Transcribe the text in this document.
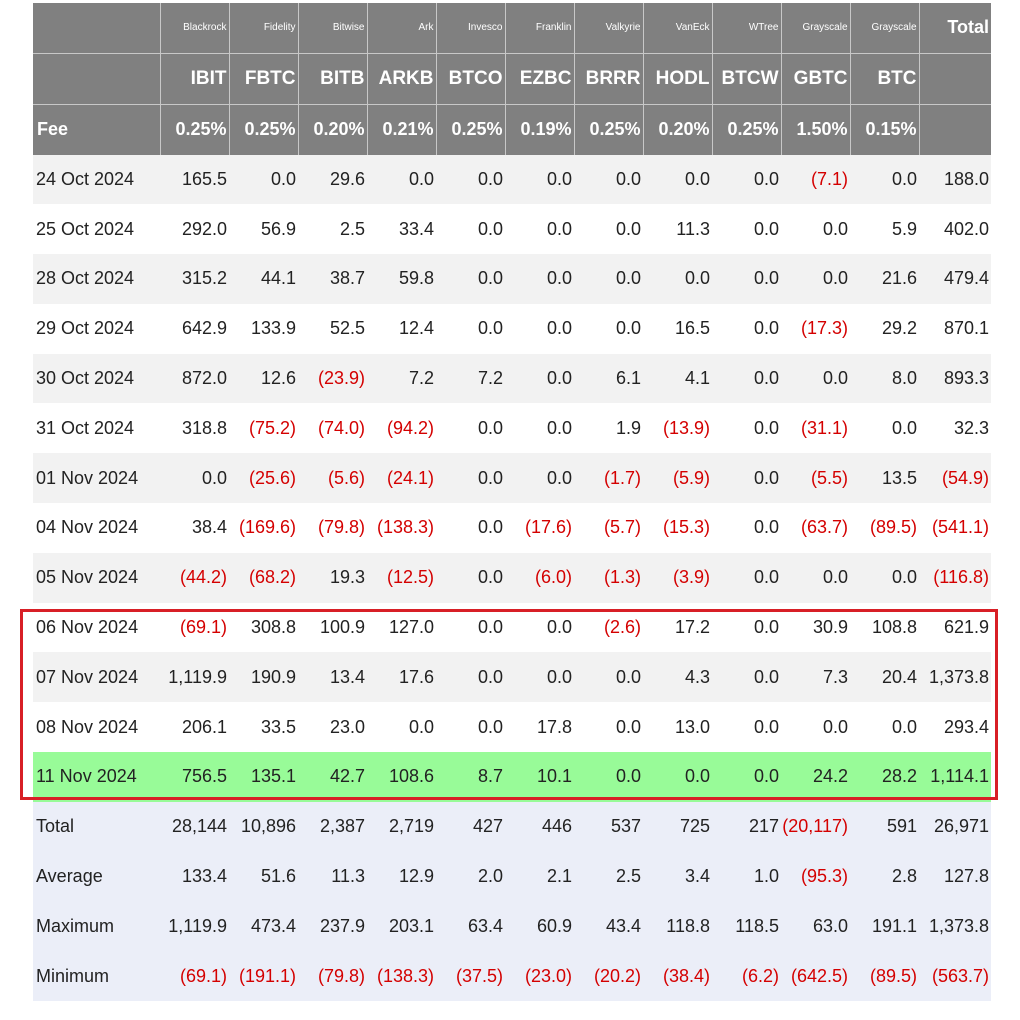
	Blackrock	Fidelity	Bitwise	Ark	Invesco	Franklin	Valkyrie	VanEck	WTree	Grayscale	Grayscale	Total
	IBIT	FBTC	BITB	ARKB	BTCO	EZBC	BRRR	HODL	BTCW	GBTC	BTC	
Fee	0.25%	0.25%	0.20%	0.21%	0.25%	0.19%	0.25%	0.20%	0.25%	1.50%	0.15%	
24 Oct 2024	165.5	0.0	29.6	0.0	0.0	0.0	0.0	0.0	0.0	(7.1)	0.0	188.0
25 Oct 2024	292.0	56.9	2.5	33.4	0.0	0.0	0.0	11.3	0.0	0.0	5.9	402.0
28 Oct 2024	315.2	44.1	38.7	59.8	0.0	0.0	0.0	0.0	0.0	0.0	21.6	479.4
29 Oct 2024	642.9	133.9	52.5	12.4	0.0	0.0	0.0	16.5	0.0	(17.3)	29.2	870.1
30 Oct 2024	872.0	12.6	(23.9)	7.2	7.2	0.0	6.1	4.1	0.0	0.0	8.0	893.3
31 Oct 2024	318.8	(75.2)	(74.0)	(94.2)	0.0	0.0	1.9	(13.9)	0.0	(31.1)	0.0	32.3
01 Nov 2024	0.0	(25.6)	(5.6)	(24.1)	0.0	0.0	(1.7)	(5.9)	0.0	(5.5)	13.5	(54.9)
04 Nov 2024	38.4	(169.6)	(79.8)	(138.3)	0.0	(17.6)	(5.7)	(15.3)	0.0	(63.7)	(89.5)	(541.1)
05 Nov 2024	(44.2)	(68.2)	19.3	(12.5)	0.0	(6.0)	(1.3)	(3.9)	0.0	0.0	0.0	(116.8)
06 Nov 2024	(69.1)	308.8	100.9	127.0	0.0	0.0	(2.6)	17.2	0.0	30.9	108.8	621.9
07 Nov 2024	1,119.9	190.9	13.4	17.6	0.0	0.0	0.0	4.3	0.0	7.3	20.4	1,373.8
08 Nov 2024	206.1	33.5	23.0	0.0	0.0	17.8	0.0	13.0	0.0	0.0	0.0	293.4
11 Nov 2024	756.5	135.1	42.7	108.6	8.7	10.1	0.0	0.0	0.0	24.2	28.2	1,114.1
Total	28,144	10,896	2,387	2,719	427	446	537	725	217	(20,117)	591	26,971
Average	133.4	51.6	11.3	12.9	2.0	2.1	2.5	3.4	1.0	(95.3)	2.8	127.8
Maximum	1,119.9	473.4	237.9	203.1	63.4	60.9	43.4	118.8	118.5	63.0	191.1	1,373.8
Minimum	(69.1)	(191.1)	(79.8)	(138.3)	(37.5)	(23.0)	(20.2)	(38.4)	(6.2)	(642.5)	(89.5)	(563.7)
